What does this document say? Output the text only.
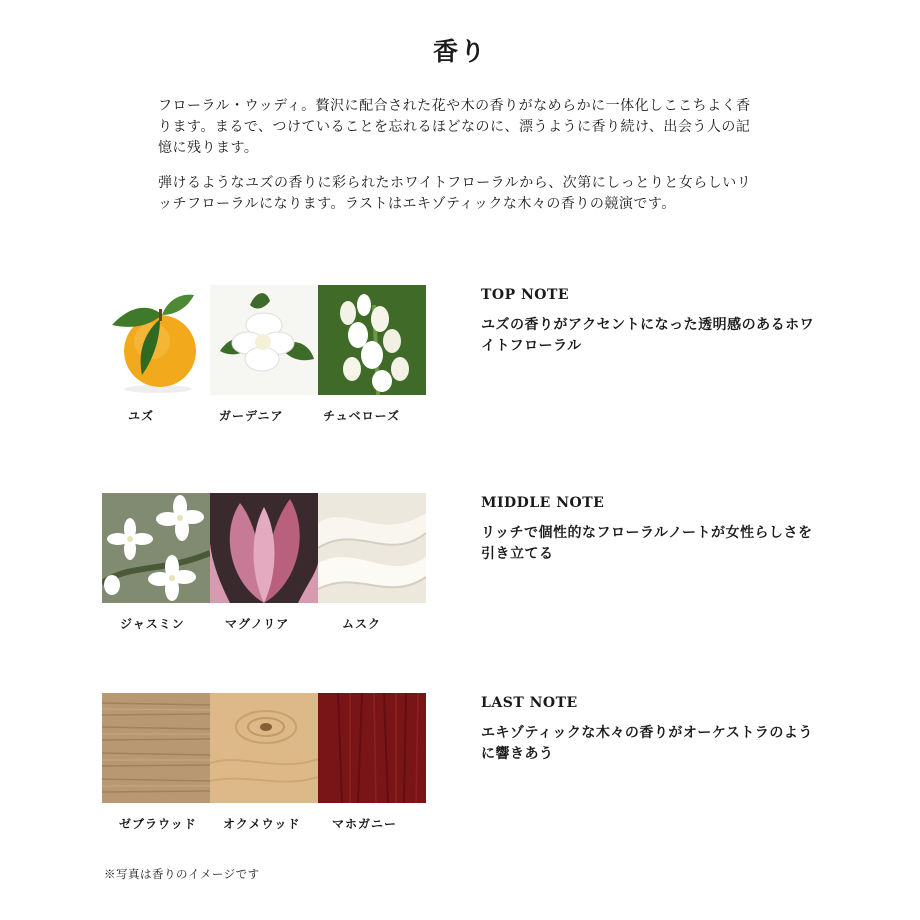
香り

フローラル・ウッディ。贅沢に配合された花や木の香りがなめらかに一体化しここちよく香ります。まるで、つけていることを忘れるほどなのに、漂うように香り続け、出会う人の記憶に残ります。

弾けるようなユズの香りに彩られたホワイトフローラルから、次第にしっとりと女らしいリッチフローラルになります。ラストはエキゾティックな木々の香りの競演です。

ユズ	ガーデニア	チュベローズ
TOP NOTE
ユズの香りがアクセントになった透明感のあるホワイトフローラル
ジャスミン	マグノリア	ムスク
MIDDLE NOTE
リッチで個性的なフローラルノートが女性らしさを引き立てる
ゼブラウッド オクメウッド	マホガニー
LAST NOTE
エキゾティックな木々の香りがオーケストラのように響きあう
※写真は香りのイメージです
